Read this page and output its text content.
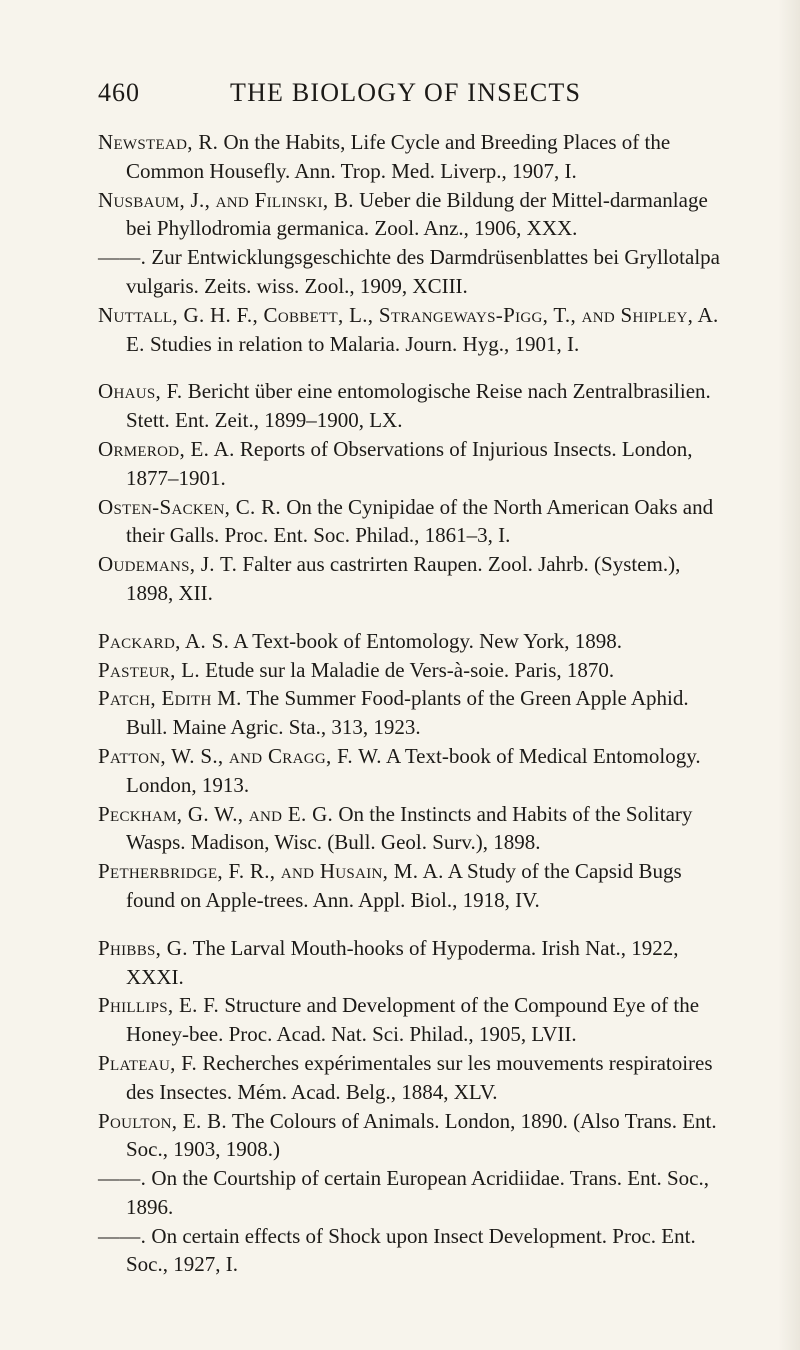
460	THE BIOLOGY OF INSECTS

Newstead, R. On the Habits, Life Cycle and Breeding Places of the Common Housefly. Ann. Trop. Med. Liverp., 1907, I.

Nusbaum, J., and Filinski, B. Ueber die Bildung der Mittel-darmanlage bei Phyllodromia germanica. Zool. Anz., 1906, XXX.

——. Zur Entwicklungsgeschichte des Darmdrüsenblattes bei Gryllotalpa vulgaris. Zeits. wiss. Zool., 1909, XCIII.

Nuttall, G. H. F., Cobbett, L., Strangeways-Pigg, T., and Shipley, A. E. Studies in relation to Malaria. Journ. Hyg., 1901, I.

Ohaus, F. Bericht über eine entomologische Reise nach Zentralbrasilien. Stett. Ent. Zeit., 1899–1900, LX.

Ormerod, E. A. Reports of Observations of Injurious Insects. London, 1877–1901.

Osten-Sacken, C. R. On the Cynipidae of the North American Oaks and their Galls. Proc. Ent. Soc. Philad., 1861–3, I.

Oudemans, J. T. Falter aus castrirten Raupen. Zool. Jahrb. (System.), 1898, XII.

Packard, A. S. A Text-book of Entomology. New York, 1898.

Pasteur, L. Etude sur la Maladie de Vers-à-soie. Paris, 1870.

Patch, Edith M. The Summer Food-plants of the Green Apple Aphid. Bull. Maine Agric. Sta., 313, 1923.

Patton, W. S., and Cragg, F. W. A Text-book of Medical Entomology. London, 1913.

Peckham, G. W., and E. G. On the Instincts and Habits of the Solitary Wasps. Madison, Wisc. (Bull. Geol. Surv.), 1898.

Petherbridge, F. R., and Husain, M. A. A Study of the Capsid Bugs found on Apple-trees. Ann. Appl. Biol., 1918, IV.

Phibbs, G. The Larval Mouth-hooks of Hypoderma. Irish Nat., 1922, XXXI.

Phillips, E. F. Structure and Development of the Compound Eye of the Honey-bee. Proc. Acad. Nat. Sci. Philad., 1905, LVII.

Plateau, F. Recherches expérimentales sur les mouvements respiratoires des Insectes. Mém. Acad. Belg., 1884, XLV.

Poulton, E. B. The Colours of Animals. London, 1890. (Also Trans. Ent. Soc., 1903, 1908.)

——. On the Courtship of certain European Acridiidae. Trans. Ent. Soc., 1896.

——. On certain effects of Shock upon Insect Development. Proc. Ent. Soc., 1927, I.
